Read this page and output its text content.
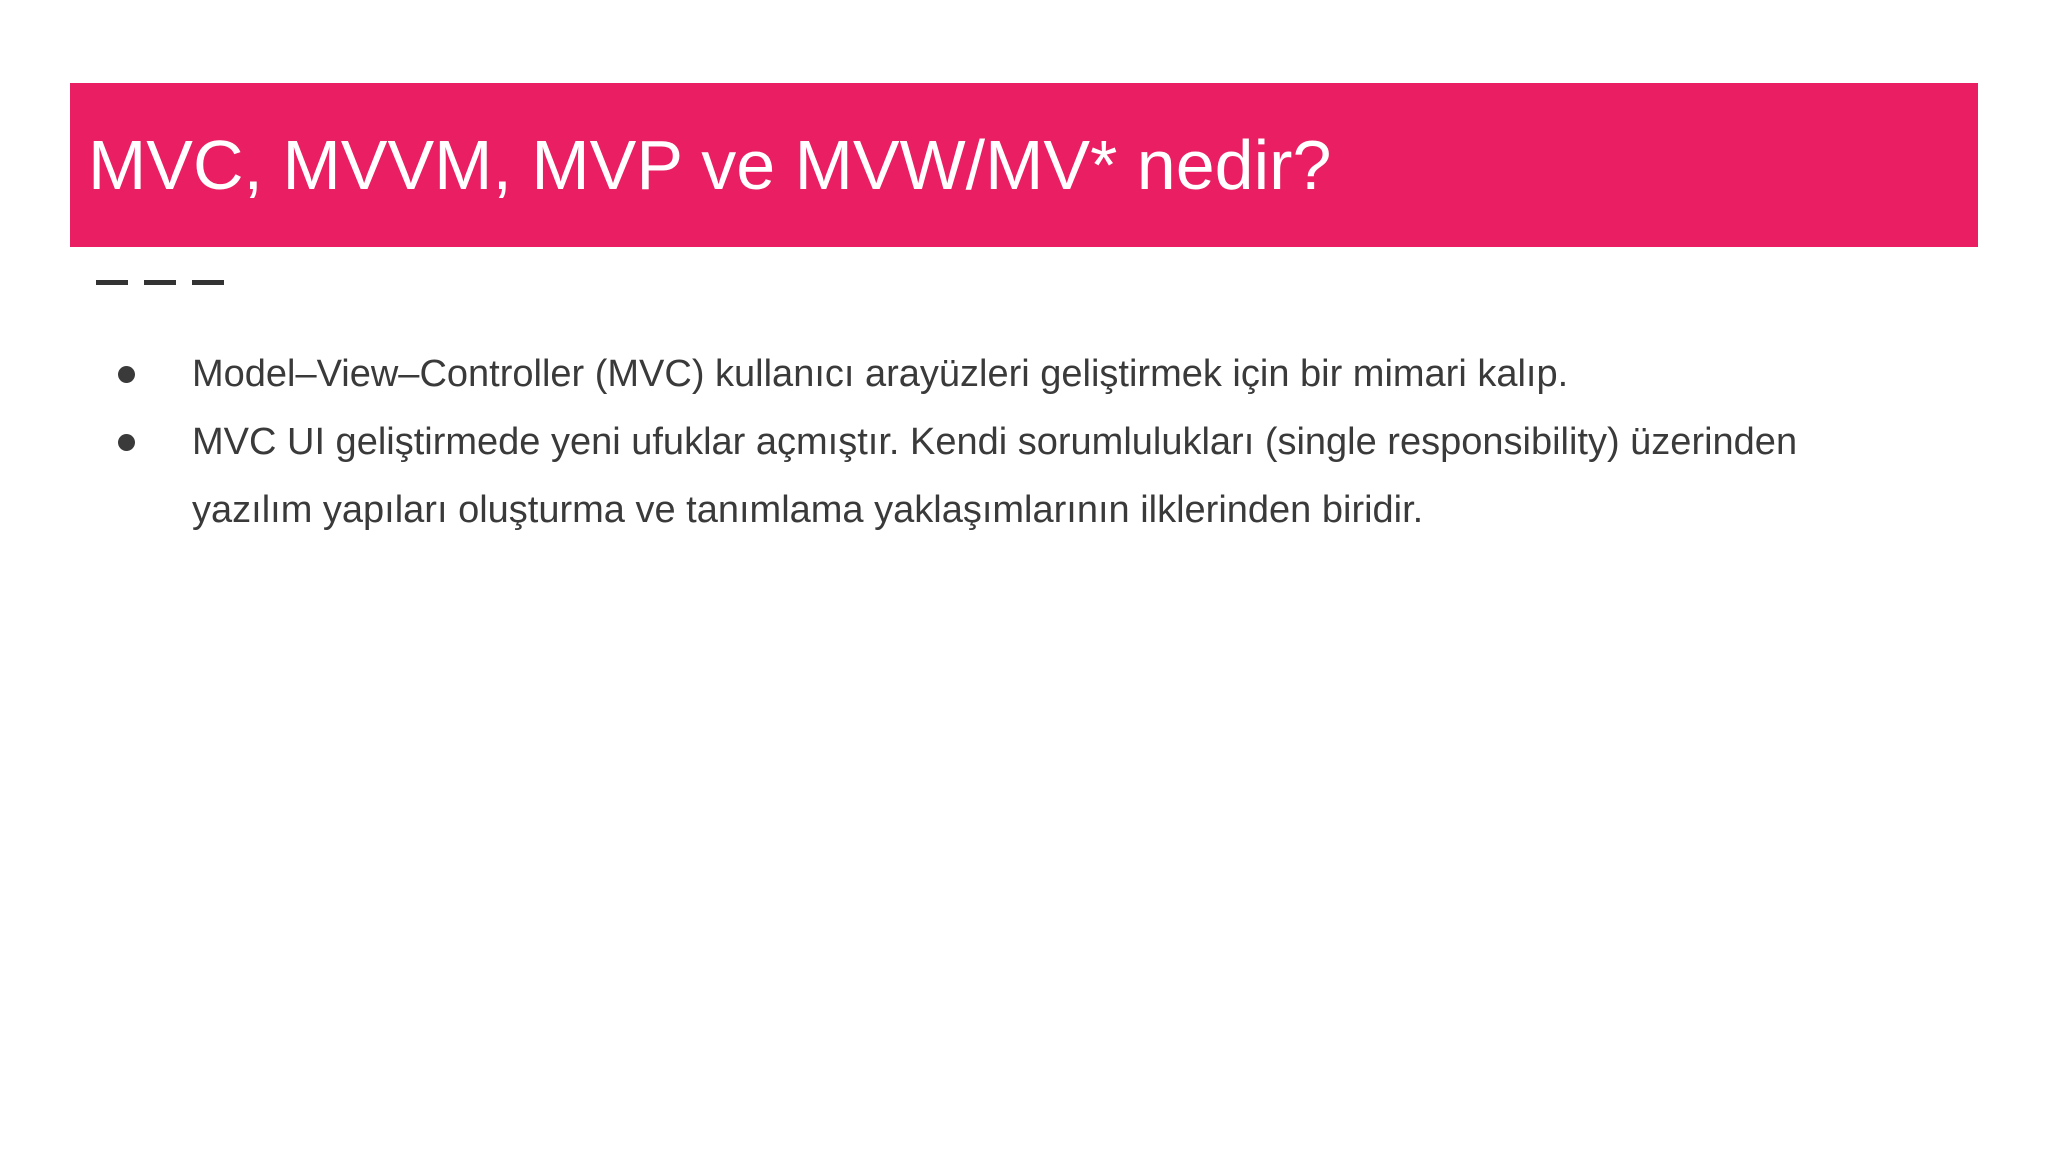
MVC, MVVM, MVP ve MVW/MV* nedir?
Model–View–Controller (MVC) kullanıcı arayüzleri geliştirmek için bir mimari kalıp.
MVC UI geliştirmede yeni ufuklar açmıştır. Kendi sorumlulukları (single responsibility) üzerinden yazılım yapıları oluşturma ve tanımlama yaklaşımlarının ilklerinden biridir.
